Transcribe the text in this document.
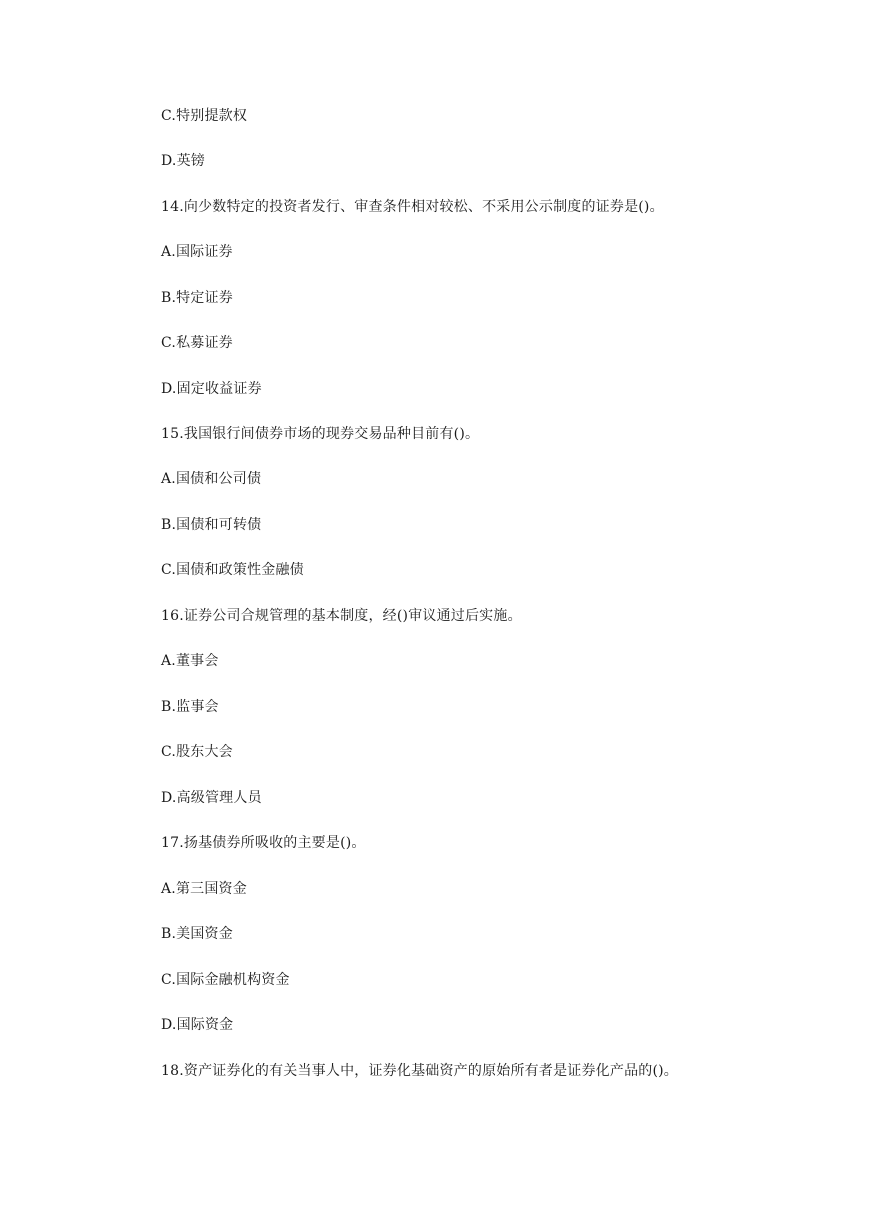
C.特别提款权
D.英镑
14.向少数特定的投资者发行、审查条件相对较松、不采用公示制度的证券是()。
A.国际证券
B.特定证券
C.私募证券
D.固定收益证券
15.我国银行间债券市场的现券交易品种目前有()。
A.国债和公司债
B.国债和可转债
C.国债和政策性金融债
16.证券公司合规管理的基本制度，经()审议通过后实施。
A.董事会
B.监事会
C.股东大会
D.高级管理人员
17.扬基债券所吸收的主要是()。
A.第三国资金
B.美国资金
C.国际金融机构资金
D.国际资金
18.资产证券化的有关当事人中，证券化基础资产的原始所有者是证券化产品的()。
